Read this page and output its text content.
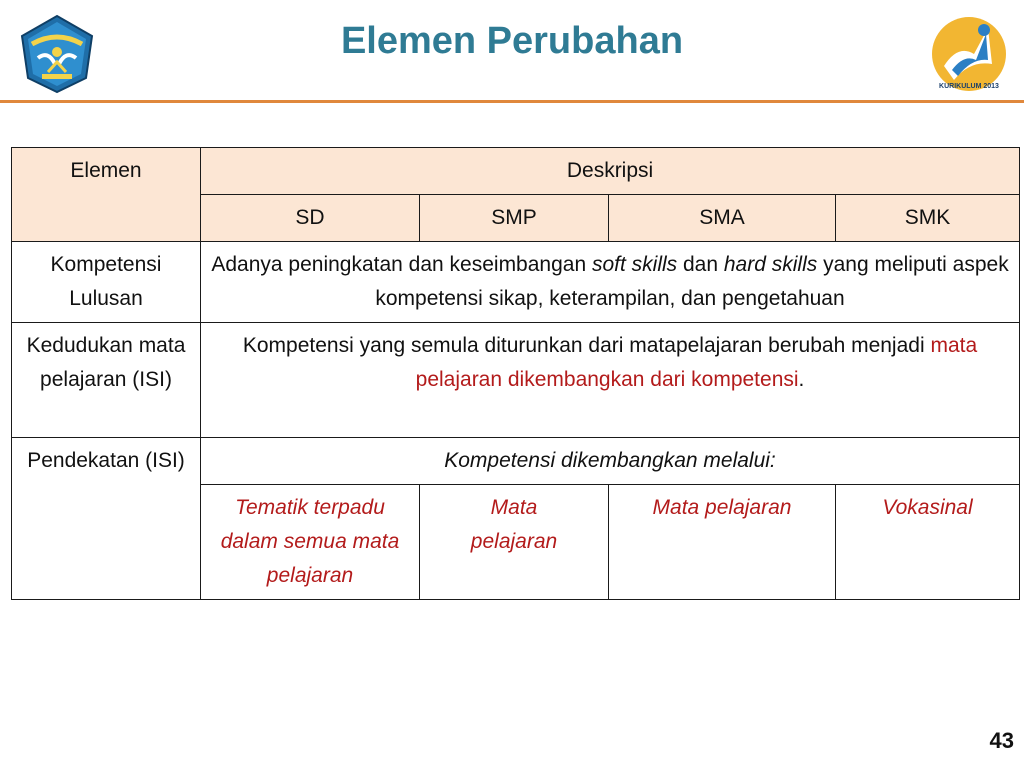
Elemen Perubahan
KURIKULUM 2013
Elemen	Deskripsi			
	SD	SMP	SMA	SMK
Kompetensi Lulusan	Adanya peningkatan dan keseimbangan soft skills dan hard skills yang meliputi aspek kompetensi sikap, keterampilan, dan pengetahuan			
Kedudukan mata pelajaran (ISI)	Kompetensi yang semula diturunkan dari matapelajaran berubah menjadi mata pelajaran dikembangkan dari kompetensi.			
Pendekatan (ISI)	Kompetensi dikembangkan melalui:			
	Tematik terpadu dalam semua mata pelajaran	Mata pelajaran	Mata pelajaran	Vokasinal
43
